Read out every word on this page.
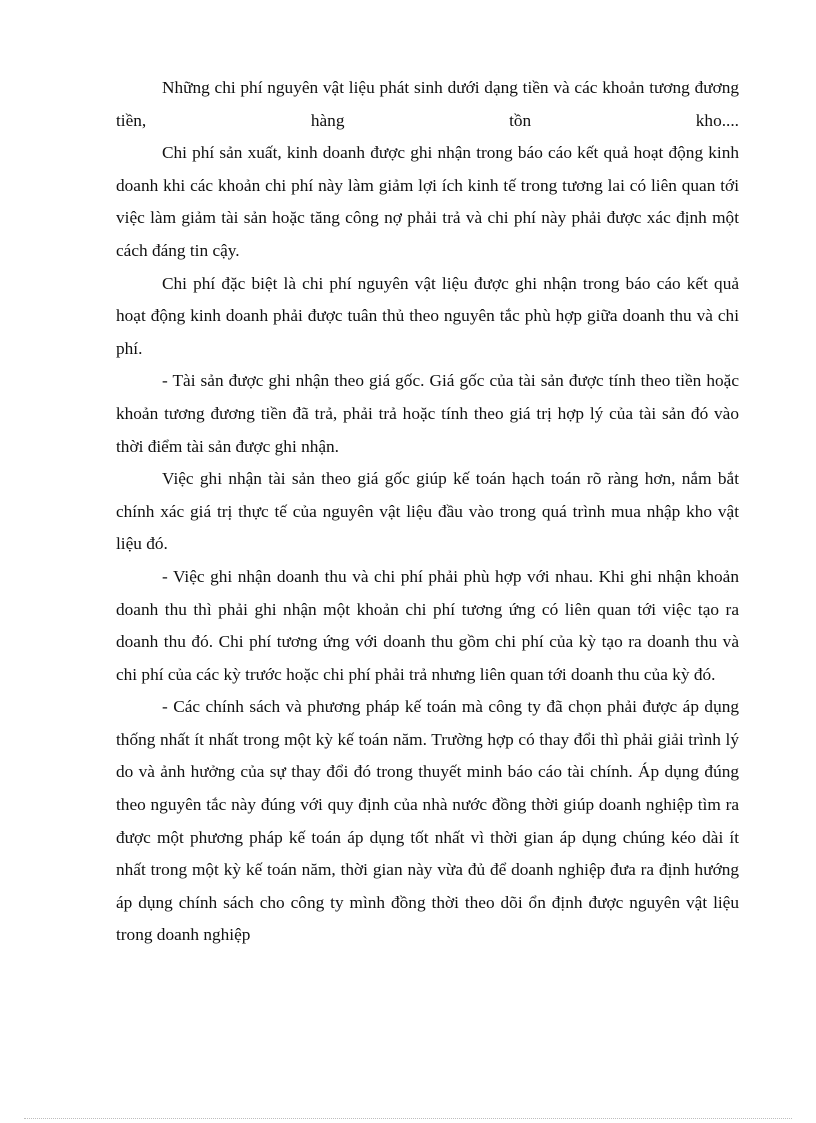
Những chi phí nguyên vật liệu phát sinh dưới dạng tiền và các khoản tương đương tiền, hàng tồn kho....

Chi phí sản xuất, kinh doanh được ghi nhận trong báo cáo kết quả hoạt động kinh doanh khi các khoản chi phí này làm giảm lợi ích kinh tế trong tương lai có liên quan tới việc làm giảm tài sản hoặc tăng công nợ phải trả và chi phí này phải được xác định một cách đáng tin cậy.

Chi phí đặc biệt là chi phí nguyên vật liệu được ghi nhận trong báo cáo kết quả hoạt động kinh doanh phải được tuân thủ theo nguyên tắc phù hợp giữa doanh thu và chi phí.

- Tài sản được ghi nhận theo giá gốc. Giá gốc của tài sản được tính theo tiền hoặc khoản tương đương tiền đã trả, phải trả hoặc tính theo giá trị hợp lý của tài sản đó vào thời điểm tài sản được ghi nhận.

Việc ghi nhận tài sản theo giá gốc giúp kế toán hạch toán rõ ràng hơn, nắm bắt chính xác giá trị thực tế của nguyên vật liệu đầu vào trong quá trình mua nhập kho vật liệu đó.

- Việc ghi nhận doanh thu và chi phí phải phù hợp với nhau. Khi ghi nhận khoản doanh thu thì phải ghi nhận một khoản chi phí tương ứng có liên quan tới việc tạo ra doanh thu đó. Chi phí tương ứng với doanh thu gồm chi phí của kỳ tạo ra doanh thu và chi phí của các kỳ trước hoặc chi phí phải trả nhưng liên quan tới doanh thu của kỳ đó.

- Các chính sách và phương pháp kế toán mà công ty đã chọn phải được áp dụng thống nhất ít nhất trong một kỳ kế toán năm. Trường hợp có thay đổi thì phải giải trình lý do và ảnh hưởng của sự thay đổi đó trong thuyết minh báo cáo tài chính. Áp dụng đúng theo nguyên tắc này đúng với quy định của nhà nước đồng thời giúp doanh nghiệp tìm ra được một phương pháp kế toán áp dụng tốt nhất vì thời gian áp dụng chúng kéo dài ít nhất trong một kỳ kế toán năm, thời gian này vừa đủ để doanh nghiệp đưa ra định hướng áp dụng chính sách cho công ty mình đồng thời theo dõi ổn định được nguyên vật liệu trong doanh nghiệp
